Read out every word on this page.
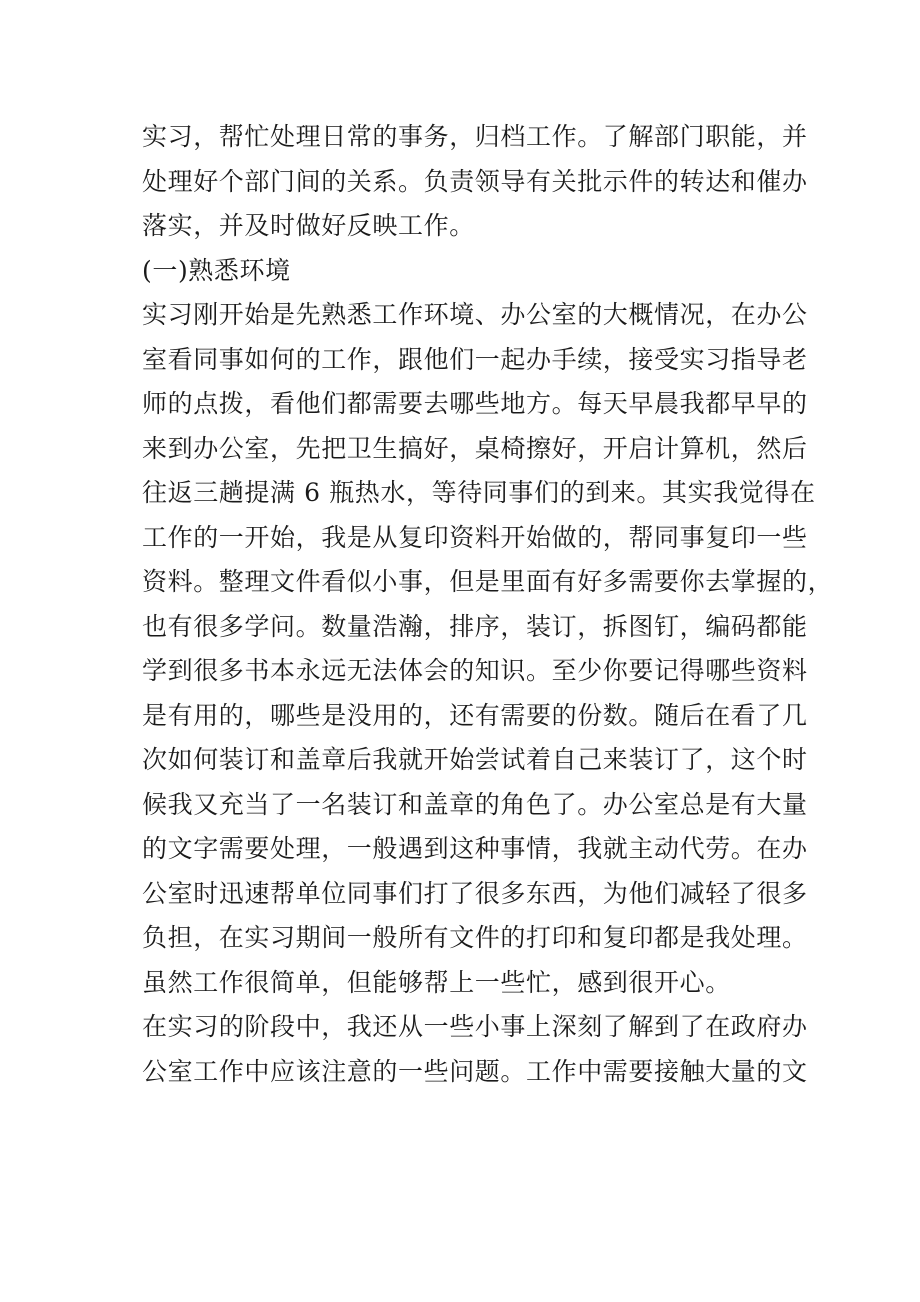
实习，帮忙处理日常的事务，归档工作。了解部门职能，并
处理好个部门间的关系。负责领导有关批示件的转达和催办
落实，并及时做好反映工作。
(一)熟悉环境
实习刚开始是先熟悉工作环境、办公室的大概情况，在办公
室看同事如何的工作，跟他们一起办手续，接受实习指导老
师的点拨，看他们都需要去哪些地方。每天早晨我都早早的
来到办公室，先把卫生搞好，桌椅擦好，开启计算机，然后
往返三趟提满 6 瓶热水，等待同事们的到来。其实我觉得在
工作的一开始，我是从复印资料开始做的，帮同事复印一些
资料。整理文件看似小事，但是里面有好多需要你去掌握的，
也有很多学问。数量浩瀚，排序，装订，拆图钉，编码都能
学到很多书本永远无法体会的知识。至少你要记得哪些资料
是有用的，哪些是没用的，还有需要的份数。随后在看了几
次如何装订和盖章后我就开始尝试着自己来装订了，这个时
候我又充当了一名装订和盖章的角色了。办公室总是有大量
的文字需要处理，一般遇到这种事情，我就主动代劳。在办
公室时迅速帮单位同事们打了很多东西，为他们减轻了很多
负担，在实习期间一般所有文件的打印和复印都是我处理。
虽然工作很简单，但能够帮上一些忙，感到很开心。
在实习的阶段中，我还从一些小事上深刻了解到了在政府办
公室工作中应该注意的一些问题。工作中需要接触大量的文
